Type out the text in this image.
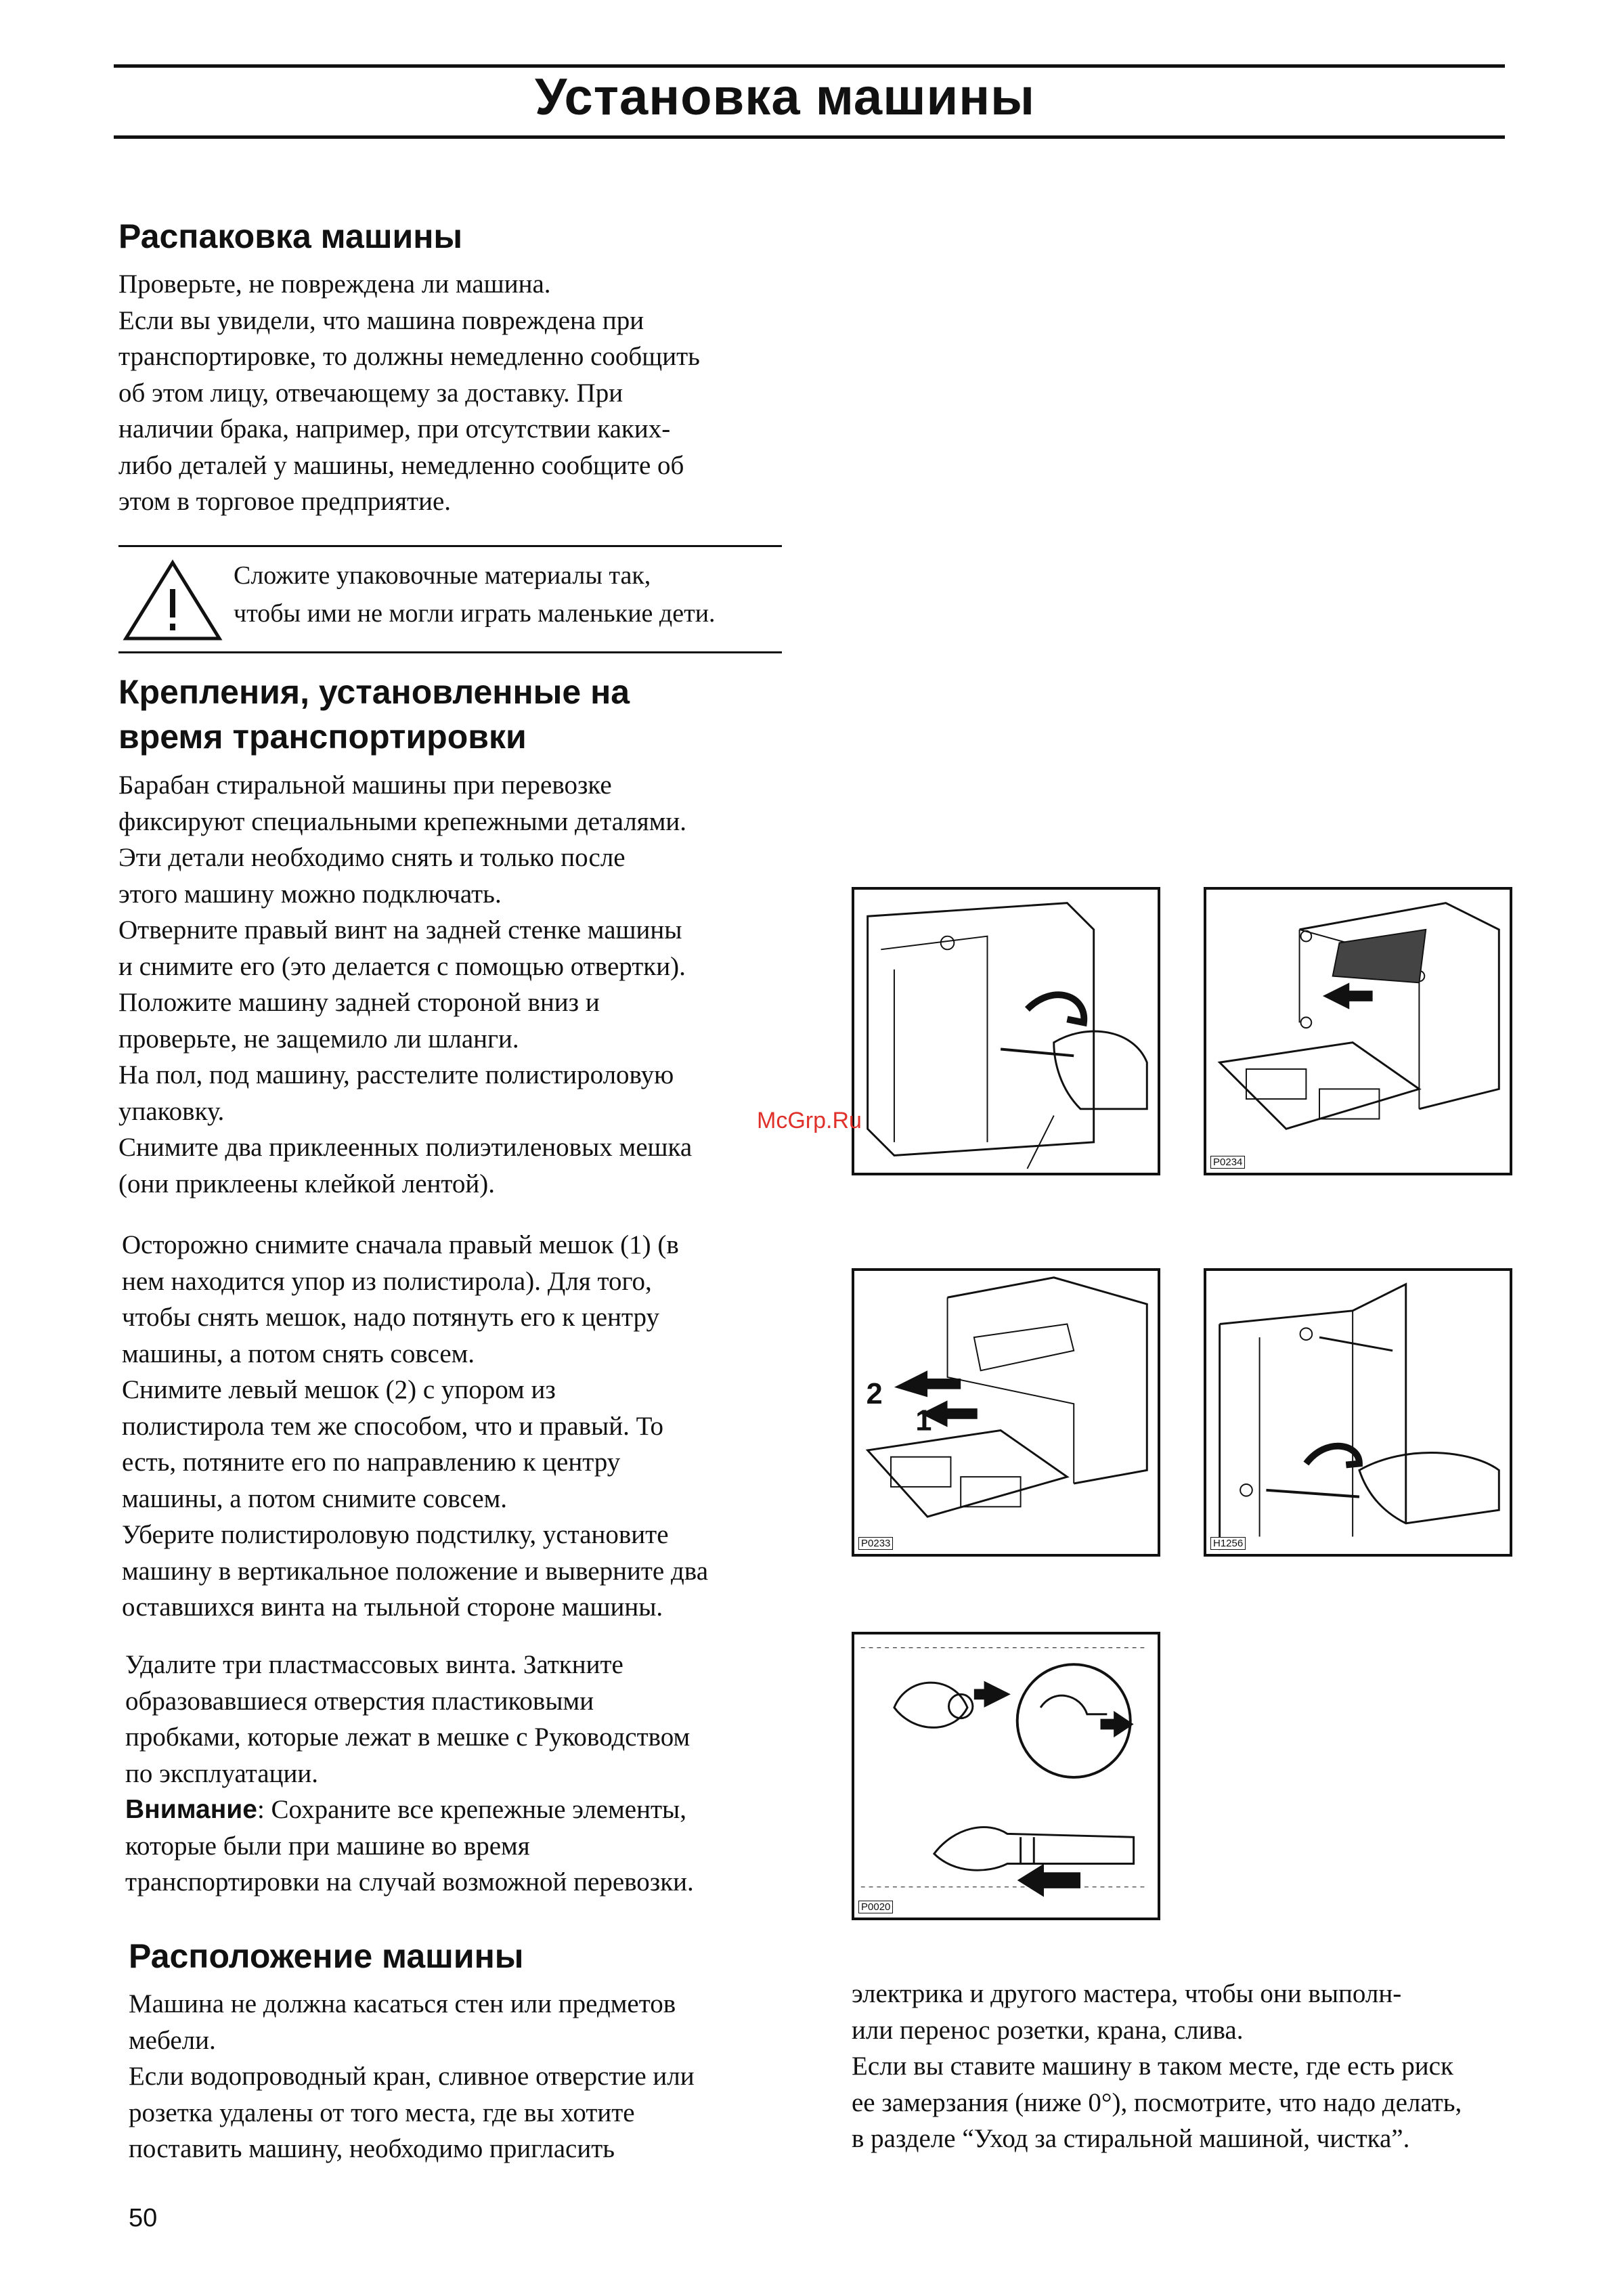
Установка машины
Распаковка машины
Проверьте, не повреждена ли машина.
Если вы увидели, что машина повреждена при
транспортировке, то должны немедленно сообщить
об этом лицу, отвечающему за доставку. При
наличии брака, например, при отсутствии каких-
либо деталей у машины, немедленно сообщите об
этом в торговое предприятие.
Сложите упаковочные материалы так,
чтобы ими не могли играть маленькие дети.
Крепления, установленные на
время транспортировки
Барабан стиральной машины при перевозке
фиксируют специальными крепежными деталями.
Эти детали необходимо снять и только после
этого машину можно подключать.
Отверните правый винт на задней стенке машины
и снимите его (это делается с помощью отвертки).
Положите машину задней стороной вниз и
проверьте, не защемило ли шланги.
На пол, под машину, расстелите полистироловую
упаковку.
Снимите два приклеенных полиэтиленовых мешка
(они приклеены клейкой лентой).
Осторожно снимите сначала правый мешок (1) (в
нем находится упор из полистирола). Для того,
чтобы снять мешок, надо потянуть его к центру
машины, а потом снять совсем.
Снимите левый мешок (2) с упором из
полистирола тем же способом, что и правый. То
есть, потяните его по направлению к центру
машины, а потом снимите совсем.
Уберите полистироловую подстилку, установите
машину в вертикальное положение и выверните два
оставшихся винта на тыльной стороне машины.
Удалите три пластмассовых винта. Заткните
образовавшиеся отверстия пластиковыми
пробками, которые лежат в мешке с Руководством
по эксплуатации.
Внимание: Сохраните все крепежные элементы,
которые были при машине во время
транспортировки на случай возможной перевозки.
Расположение машины
Машина не должна касаться стен или предметов
мебели.
Если водопроводный кран, сливное отверстие или
розетка удалены от того места, где вы хотите
поставить машину, необходимо пригласить
электрика и другого мастера, чтобы они выполн-
или перенос розетки, крана, слива.
Если вы ставите машину в таком месте, где есть риск
ее замерзания (ниже 0°), посмотрите, что надо делать,
в разделе “Уход за стиральной машиной, чистка”.
P0234
2
1
P0233	H1256
P0020
McGrp.Ru
50
